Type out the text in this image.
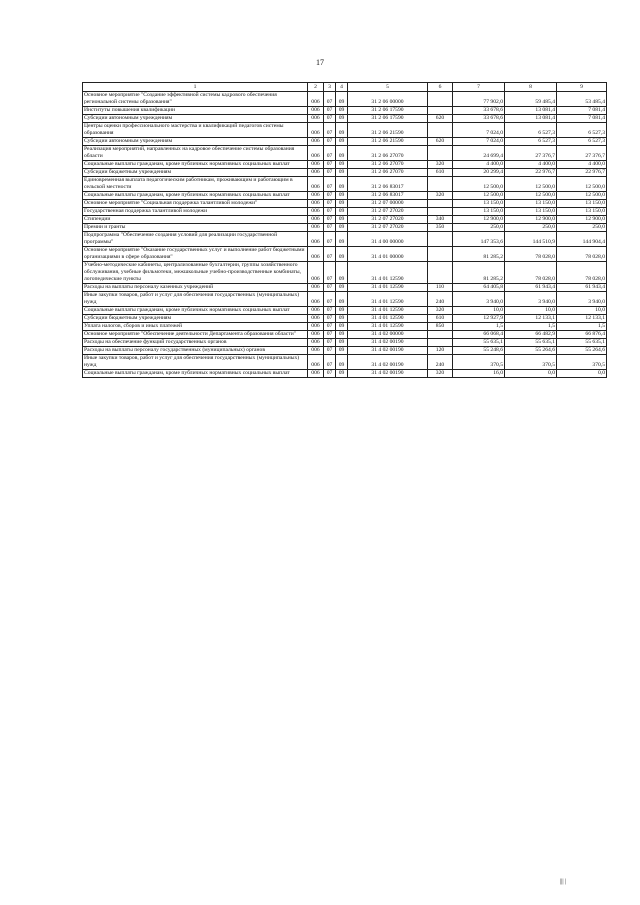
17
1	2	3	4	5	6	7	8	9
Основное мероприятие "Создание эффективной системы кадрового обеспечения региональной системы образования"	006	07	09	31 2 06 00000		77 902,0	59 485,4	53 485,4
Институты повышения квалификации	006	07	09	31 2 06 17590		33 678,6	13 081,4	7 081,4
Субсидии автономным учреждениям	006	07	09	31 2 06 17590	620	33 678,6	13 081,4	7 081,4
Центры оценки профессионального мастерства и квалификаций педагогов системы образования	006	07	09	31 2 06 21590		7 024,0	6 527,3	6 527,3
Субсидии автономным учреждениям	006	07	09	31 2 06 21590	620	7 024,0	6 527,3	6 527,3
Реализация мероприятий, направленных на кадровое обеспечение системы образования области	006	07	09	31 2 06 27070		24 699,4	27 376,7	27 376,7
Социальные выплаты гражданам, кроме публичных нормативных социальных выплат	006	07	09	31 2 06 27070	320	4 400,0	4 400,0	4 400,0
Субсидии бюджетным учреждениям	006	07	09	31 2 06 27070	610	20 299,4	22 976,7	22 976,7
Единовременная выплата педагогическим работникам, проживающим и работающим в сельской местности	006	07	09	31 2 06 83017		12 500,0	12 500,0	12 500,0
Социальные выплаты гражданам, кроме публичных нормативных социальных выплат	006	07	09	31 2 06 83017	320	12 500,0	12 500,0	12 500,0
Основное мероприятие "Социальная поддержка талантливой молодежи"	006	07	09	31 2 07 00000		13 150,0	13 150,0	13 150,0
Государственная поддержка талантливой молодежи	006	07	09	31 2 07 27020		13 150,0	13 150,0	13 150,0
Стипендии	006	07	09	31 2 07 27020	340	12 900,0	12 900,0	12 900,0
Премии и гранты	006	07	09	31 2 07 27020	350	250,0	250,0	250,0
Подпрограмма "Обеспечение создания условий для реализации государственной программы"	006	07	09	31 4 00 00000		147 353,6	144 510,9	144 904,4
Основное мероприятие "Оказание государственных услуг и выполнение работ бюджетными организациями в сфере образования"	006	07	09	31 4 01 00000		81 285,2	78 028,0	78 028,0
Учебно-методические кабинеты, централизованные бухгалтерии, группы хозяйственного обслуживания, учебные фильмотеки, межшкольные учебно-производственные комбинаты, логопедические пункты	006	07	09	31 4 01 12590		81 285,2	78 028,0	78 028,0
Расходы на выплаты персоналу казенных учреждений	006	07	09	31 4 01 12590	110	64 405,8	61 943,4	61 943,4
Иные закупки товаров, работ и услуг для обеспечения государственных (муниципальных) нужд	006	07	09	31 4 01 12590	240	3 940,0	3 940,0	3 940,0
Социальные выплаты гражданам, кроме публичных нормативных социальных выплат	006	07	09	31 4 01 12590	320	10,0	10,0	10,0
Субсидии бюджетным учреждениям	006	07	09	31 4 01 12590	610	12 927,9	12 133,1	12 133,1
Уплата налогов, сборов и иных платежей	006	07	09	31 4 01 12590	850	1,5	1,5	1,5
Основное мероприятие "Обеспечение деятельности Департамента образования области"	006	07	09	31 4 02 00000		66 068,4	66 482,9	66 876,4
Расходы на обеспечение функций государственных органов	006	07	09	31 4 02 00190		55 635,1	55 635,1	55 635,1
Расходы на выплаты персоналу государственных (муниципальных) органов	006	07	09	31 4 02 00190	120	55 248,6	55 264,6	55 264,6
Иные закупки товаров, работ и услуг для обеспечения государственных (муниципальных) нужд	006	07	09	31 4 02 00190	240	370,5	370,5	370,5
Социальные выплаты гражданам, кроме публичных нормативных социальных выплат	006	07	09	31 4 02 00190	320	16,0	0,0	0,0
||| |
